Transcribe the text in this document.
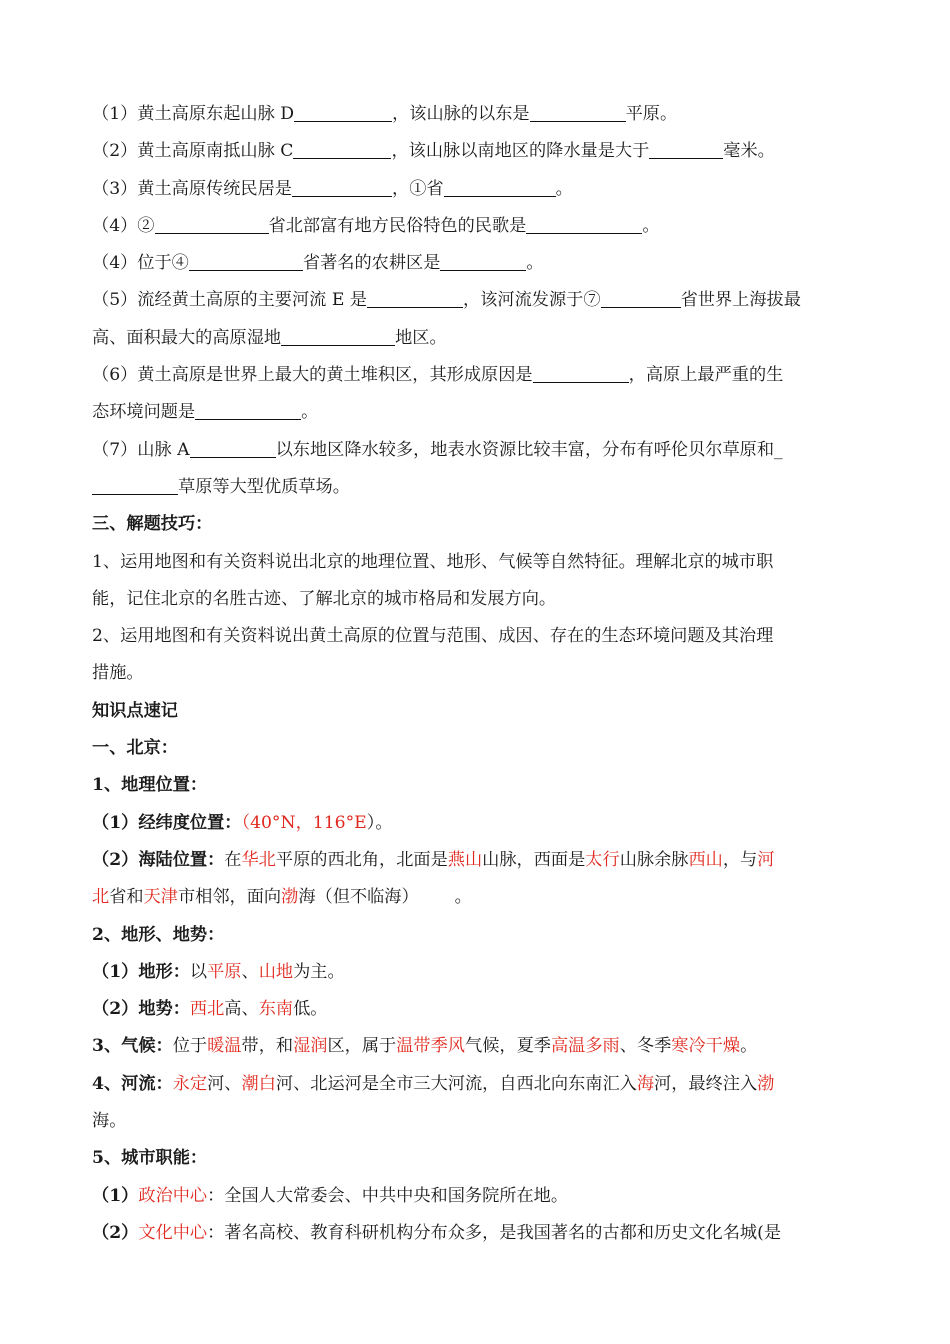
（1）黄土高原东起山脉 D	，该山脉的以东是	平原。
（2）黄土高原南抵山脉 C	，该山脉以南地区的降水量是大于	毫米。
（3）黄土高原传统民居是	，①省	。
（4）②	省北部富有地方民俗特色的民歌是	。
（4）位于④	省著名的农耕区是	。
（5）流经黄土高原的主要河流 E 是	，该河流发源于⑦	省世界上海拔最
高、面积最大的高原湿地	地区。
（6）黄土高原是世界上最大的黄土堆积区，其形成原因是	，高原上最严重的生
态环境问题是	。
（7）山脉 A	以东地区降水较多，地表水资源比较丰富，分布有呼伦贝尔草原和_
草原等大型优质草场。
三、解题技巧：
1、运用地图和有关资料说出北京的地理位置、地形、气候等自然特征。理解北京的城市职
能，记住北京的名胜古迹、了解北京的城市格局和发展方向。
2、运用地图和有关资料说出黄土高原的位置与范围、成因、存在的生态环境问题及其治理
措施。
知识点速记
一、北京：
1、地理位置：
（1）经纬度位置：（40°N，116°E）。
（2）海陆位置：在华北平原的西北角，北面是燕山山脉，西面是太行山脉余脉西山，与河
北省和天津市相邻，面向渤海（但不临海） 。
2、地形、地势：
（1）地形：以平原、山地为主。
（2）地势：西北高、东南低。
3、气候：位于暖温带，和湿润区，属于温带季风气候，夏季高温多雨、冬季寒冷干燥。
4、河流：永定河、潮白河、北运河是全市三大河流，自西北向东南汇入海河，最终注入渤
海。
5、城市职能：
（1）政治中心：全国人大常委会、中共中央和国务院所在地。
（2）文化中心：著名高校、教育科研机构分布众多，是我国著名的古都和历史文化名城(是
